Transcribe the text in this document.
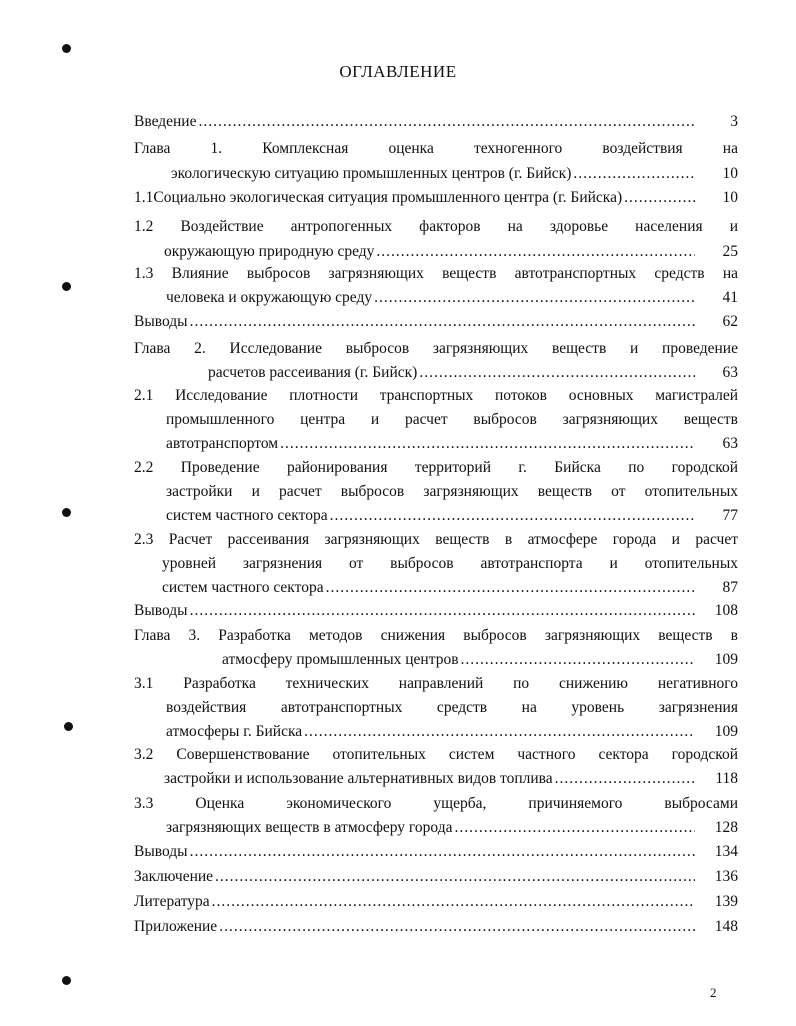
ОГЛАВЛЕНИЕ
Введение .....	3
Глава 1. Комплексная оценка техногенного воздействия на
экологическую ситуацию промышленных центров (г. Бийск) .....	10
1.1Социально экологическая ситуация промышленного центра (г. Бийска) .....	10
1.2 Воздействие антропогенных факторов на здоровье населения и
окружающую природную среду .....	25
1.3 Влияние выбросов загрязняющих веществ автотранспортных средств на
человека и окружающую среду .....	41
Выводы .....	62
Глава 2. Исследование выбросов загрязняющих веществ и проведение
расчетов рассеивания (г. Бийск) .....	63
2.1 Исследование плотности транспортных потоков основных магистралей
промышленного центра и расчет выбросов загрязняющих веществ
автотранспортом .....	63
2.2 Проведение районирования территорий г. Бийска по городской
застройки и расчет выбросов загрязняющих веществ от отопительных
систем частного сектора .....	77
2.3 Расчет рассеивания загрязняющих веществ в атмосфере города и расчет
уровней загрязнения от выбросов автотранспорта и отопительных
систем частного сектора .....	87
Выводы .....	108
Глава 3. Разработка методов снижения выбросов загрязняющих веществ в
атмосферу промышленных центров .....	109
3.1 Разработка технических направлений по снижению негативного
воздействия автотранспортных средств на уровень загрязнения
атмосферы г. Бийска .....	109
3.2 Совершенствование отопительных систем частного сектора городской
застройки и использование альтернативных видов топлива .....	118
3.3 Оценка экономического ущерба, причиняемого выбросами
загрязняющих веществ в атмосферу города .....	128
Выводы .....	134
Заключение .....	136
Литература .....	139
Приложение .....	148
2
